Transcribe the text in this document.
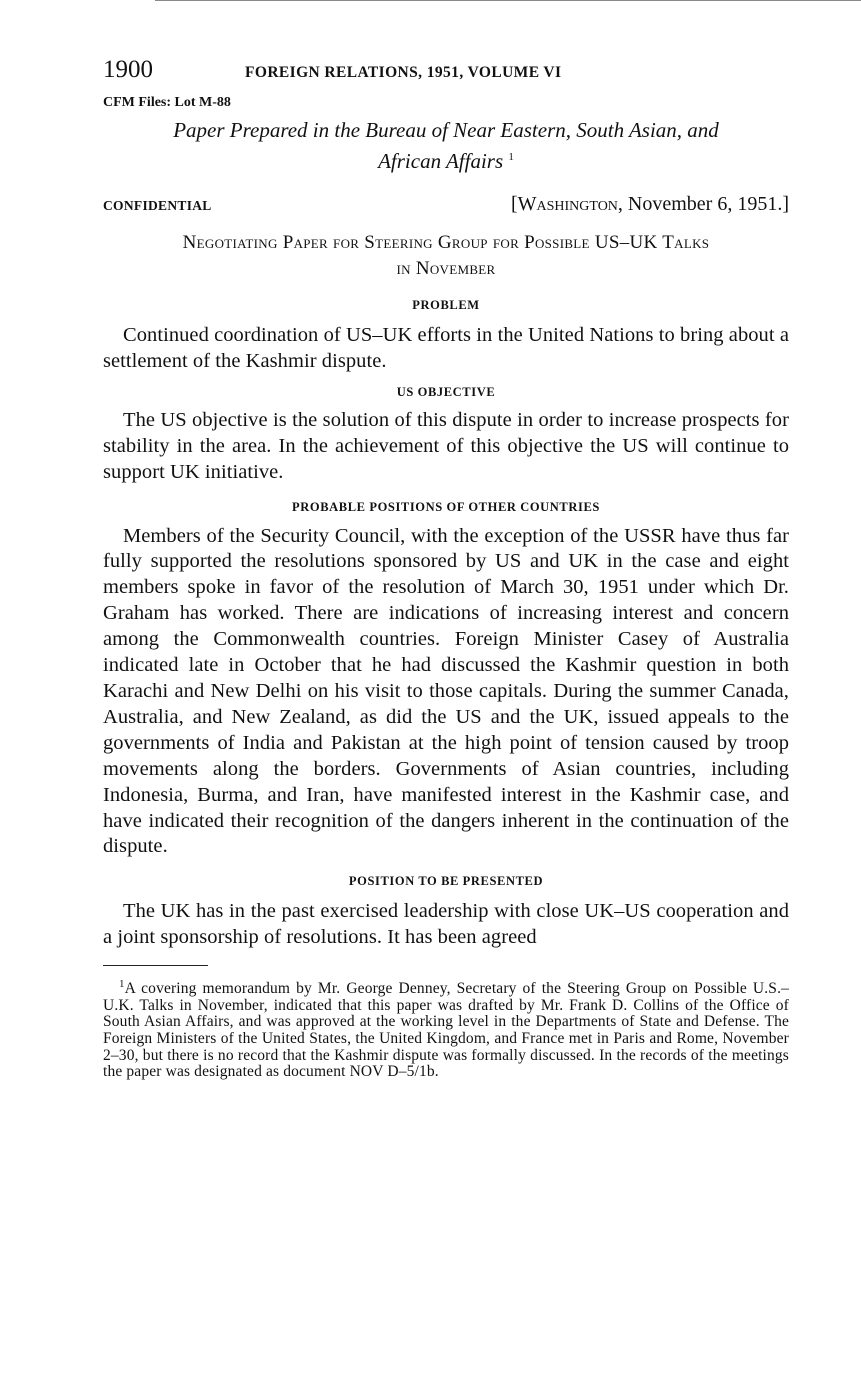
1900	FOREIGN RELATIONS, 1951, VOLUME VI
CFM Files: Lot M-88
Paper Prepared in the Bureau of Near Eastern, South Asian, and
African Affairs $^1$
CONFIDENTIAL	[Washington, November 6, 1951.]
Negotiating Paper for Steering Group for Possible US–UK Talks
in November
PROBLEM

Continued coordination of US–UK efforts in the United Nations to bring about a settlement of the Kashmir dispute.

US OBJECTIVE

The US objective is the solution of this dispute in order to increase prospects for stability in the area. In the achievement of this objective the US will continue to support UK initiative.

PROBABLE POSITIONS OF OTHER COUNTRIES

Members of the Security Council, with the exception of the USSR have thus far fully supported the resolutions sponsored by US and UK in the case and eight members spoke in favor of the resolution of March 30, 1951 under which Dr. Graham has worked. There are indications of increasing interest and concern among the Commonwealth countries. Foreign Minister Casey of Australia indicated late in October that he had discussed the Kashmir question in both Karachi and New Delhi on his visit to those capitals. During the summer Canada, Australia, and New Zealand, as did the US and the UK, issued appeals to the governments of India and Pakistan at the high point of tension caused by troop movements along the borders. Governments of Asian countries, including Indonesia, Burma, and Iran, have manifested interest in the Kashmir case, and have indicated their recognition of the dangers inherent in the continuation of the dispute.

POSITION TO BE PRESENTED

The UK has in the past exercised leadership with close UK–US cooperation and a joint sponsorship of resolutions. It has been agreed

$^1$A covering memorandum by Mr. George Denney, Secretary of the Steering Group on Possible U.S.–U.K. Talks in November, indicated that this paper was drafted by Mr. Frank D. Collins of the Office of South Asian Affairs, and was approved at the working level in the Departments of State and Defense. The Foreign Ministers of the United States, the United Kingdom, and France met in Paris and Rome, November 2–30, but there is no record that the Kashmir dispute was formally discussed. In the records of the meetings the paper was designated as document NOV D–5/1b.
